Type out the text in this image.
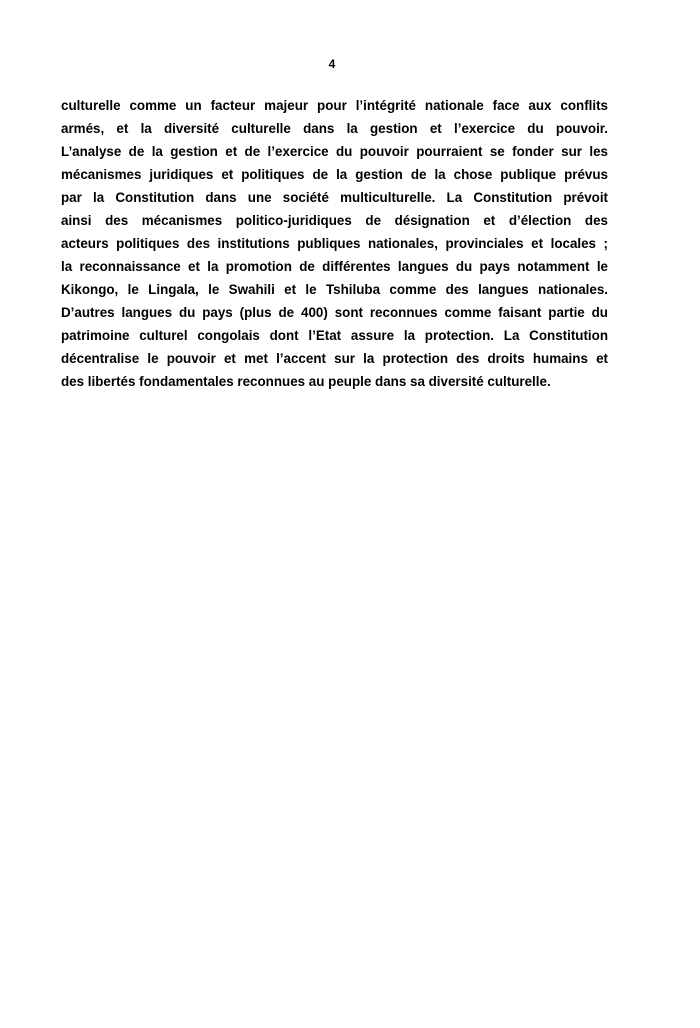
4
culturelle comme un facteur majeur pour l’intégrité nationale face aux conflits
armés, et la diversité culturelle dans la gestion et l’exercice du pouvoir.
L’analyse de la gestion et de l’exercice du pouvoir pourraient se fonder sur les
mécanismes juridiques et politiques de la gestion de la chose publique prévus
par la Constitution dans une société multiculturelle. La Constitution prévoit
ainsi des mécanismes politico-juridiques de désignation et d’élection des
acteurs politiques des institutions publiques nationales, provinciales et locales ;
la reconnaissance et la promotion de différentes langues du pays notamment le
Kikongo, le Lingala, le Swahili et le Tshiluba comme des langues nationales.
D’autres langues du pays (plus de 400) sont reconnues comme faisant partie du
patrimoine culturel congolais dont l’Etat assure la protection. La Constitution
décentralise le pouvoir et met l’accent sur la protection des droits humains et
des libertés fondamentales reconnues au peuple dans sa diversité culturelle.
